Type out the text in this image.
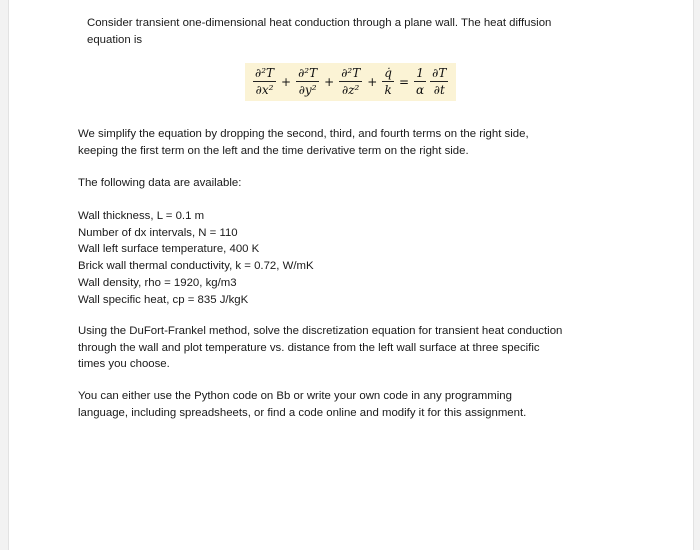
Consider transient one-dimensional heat conduction through a plane wall. The heat diffusion

equation is

$\frac{\text{∂²T}}{\text{∂x²}} + \frac{\text{∂²T}}{\text{∂y²}} + \frac{\text{∂²T}}{\text{∂z²}} + \frac{q̇}{k} = \frac{1}{\alpha} \frac{\partial T}{\partial t}$

We simplify the equation by dropping the second, third, and fourth terms on the right side,

keeping the first term on the left and the time derivative term on the right side.

The following data are available:

Wall thickness, L = 0.1 m

Number of dx intervals, N = 110

Wall left surface temperature, 400 K

Brick wall thermal conductivity, k = 0.72, W/mK

Wall density, rho = 1920, kg/m3

Wall specific heat, cp = 835 J/kgK

Using the DuFort-Frankel method, solve the discretization equation for transient heat conduction

through the wall and plot temperature vs. distance from the left wall surface at three specific

times you choose.

You can either use the Python code on Bb or write your own code in any programming

language, including spreadsheets, or find a code online and modify it for this assignment.
